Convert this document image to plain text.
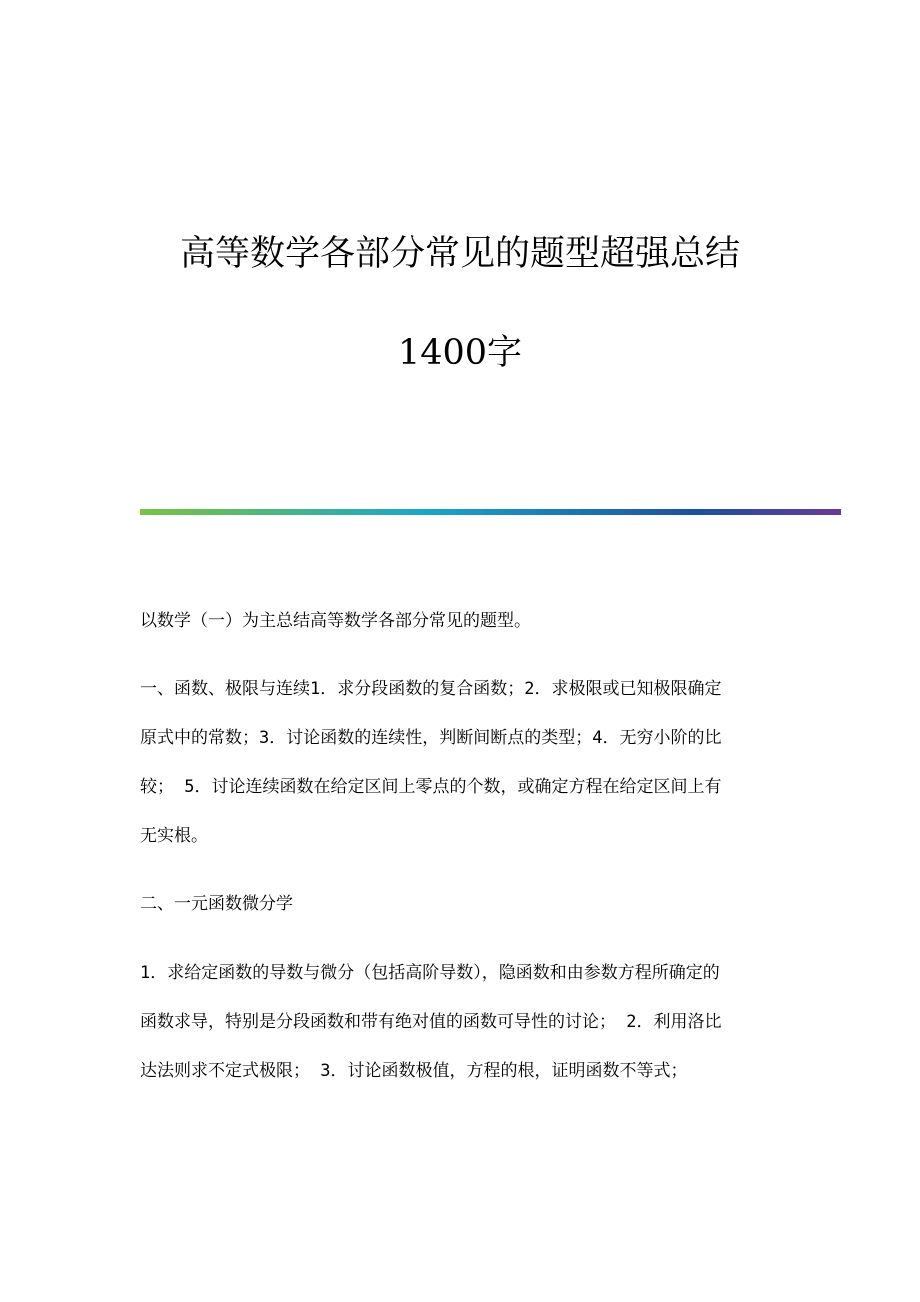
高等数学各部分常见的题型超强总结
1400字

以数学（一）为主总结高等数学各部分常见的题型。

一、函数、极限与连续1．求分段函数的复合函数；2．求极限或已知极限确定
原式中的常数；3．讨论函数的连续性，判断间断点的类型；4．无穷小阶的比
较； 5．讨论连续函数在给定区间上零点的个数，或确定方程在给定区间上有
无实根。

二、一元函数微分学

1．求给定函数的导数与微分（包括高阶导数），隐函数和由参数方程所确定的
函数求导，特别是分段函数和带有绝对值的函数可导性的讨论； 2．利用洛比
达法则求不定式极限； 3．讨论函数极值，方程的根，证明函数不等式；
